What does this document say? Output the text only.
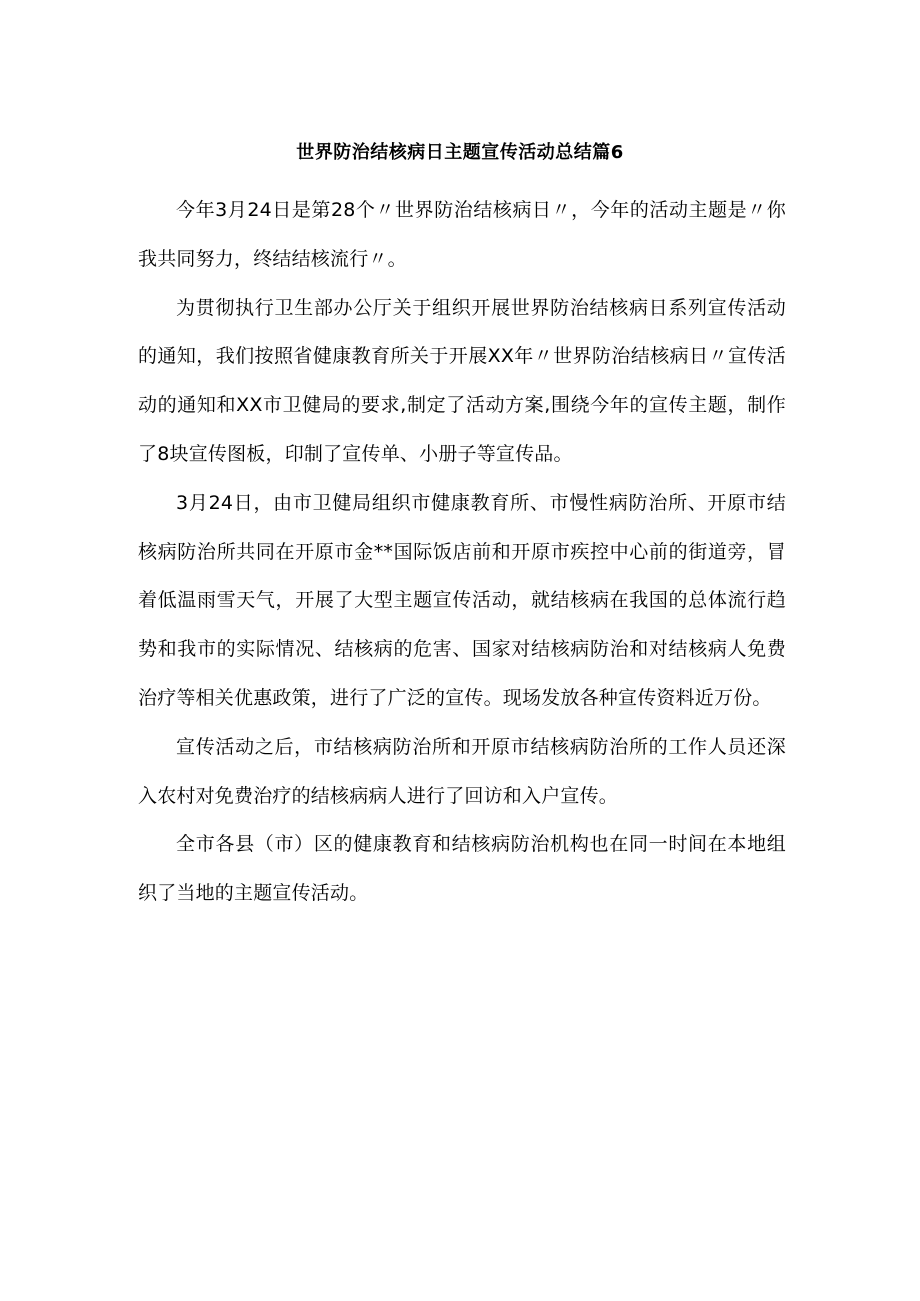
世界防治结核病日主题宣传活动总结篇6

今年3月24日是第28个〃世界防治结核病日〃，今年的活动主题是〃你我共同努力，终结结核流行〃。

为贯彻执行卫生部办公厅关于组织开展世界防治结核病日系列宣传活动的通知，我们按照省健康教育所关于开展XX年〃世界防治结核病日〃宣传活动的通知和XX市卫健局的要求,制定了活动方案,围绕今年的宣传主题，制作了8块宣传图板，印制了宣传单、小册子等宣传品。

3月24日，由市卫健局组织市健康教育所、市慢性病防治所、开原市结核病防治所共同在开原市金**国际饭店前和开原市疾控中心前的街道旁，冒着低温雨雪天气，开展了大型主题宣传活动，就结核病在我国的总体流行趋势和我市的实际情况、结核病的危害、国家对结核病防治和对结核病人免费治疗等相关优惠政策，进行了广泛的宣传。现场发放各种宣传资料近万份。

宣传活动之后，市结核病防治所和开原市结核病防治所的工作人员还深入农村对免费治疗的结核病病人进行了回访和入户宣传。

全市各县（市）区的健康教育和结核病防治机构也在同一时间在本地组织了当地的主题宣传活动。
